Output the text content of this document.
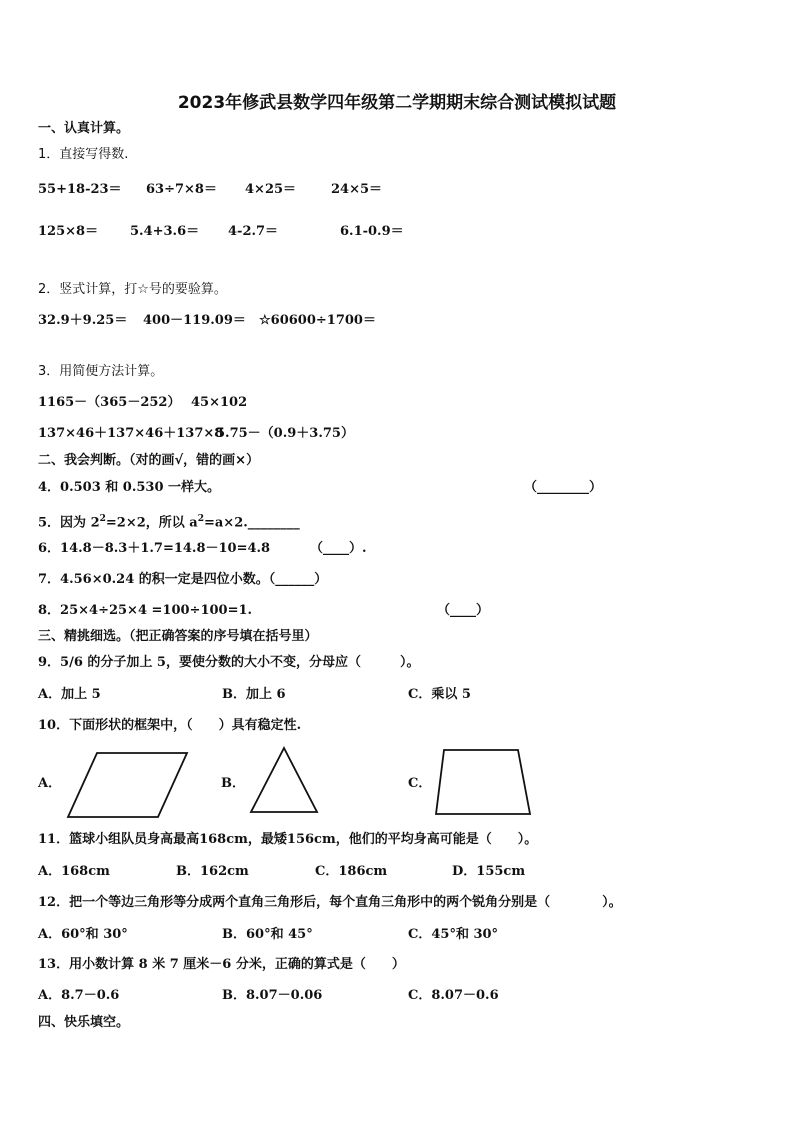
2023年修武县数学四年级第二学期期末综合测试模拟试题
一、认真计算。
1．直接写得数.
55+18-23＝ 63÷7×8＝ 4×25＝	24×5＝
125×8＝ 5.4+3.6＝ 4-2.7＝	6.1-0.9＝
2．竖式计算，打☆号的要验算。
32.9＋9.25＝ 400－119.09＝ ☆60600÷1700＝
3．用简便方法计算。
1165－（365－252） 45×102
137×46＋137×46＋137×8
5.75－（0.9＋3.75）
二、我会判断。（对的画√，错的画×）
4．0.503 和 0.530 一样大。	（________）
5．因为 $2^2=2\times 2$，所以 $a^2=a\times 2.\_\_\_\_\_\_\_\_$
6．14.8－8.3＋1.7=14.8－10=4.8	（____）.
7．4.56×0.24 的积一定是四位小数。（______）
8．25×4÷25×4 =100÷100=1.	（____）
三、精挑细选。（把正确答案的序号填在括号里）
9．5/6 的分子加上 5，要使分数的大小不变，分母应（　　　）。
A．加上 5	B．加上 6	C．乘以 5
10．下面形状的框架中，（　　）具有稳定性.
A．	B．	C．
11．篮球小组队员身高最高168cm，最矮156cm，他们的平均身高可能是（　　）。
A．168cm	B．162cm	C．186cm	D．155cm
12．把一个等边三角形等分成两个直角三角形后，每个直角三角形中的两个锐角分别是（　　　　）。
A．60°和 30°	B．60°和 45°	C．45°和 30°
13．用小数计算 8 米 7 厘米－6 分米，正确的算式是（　　）
A．8.7－0.6	B．8.07－0.06	C．8.07－0.6
四、快乐填空。
